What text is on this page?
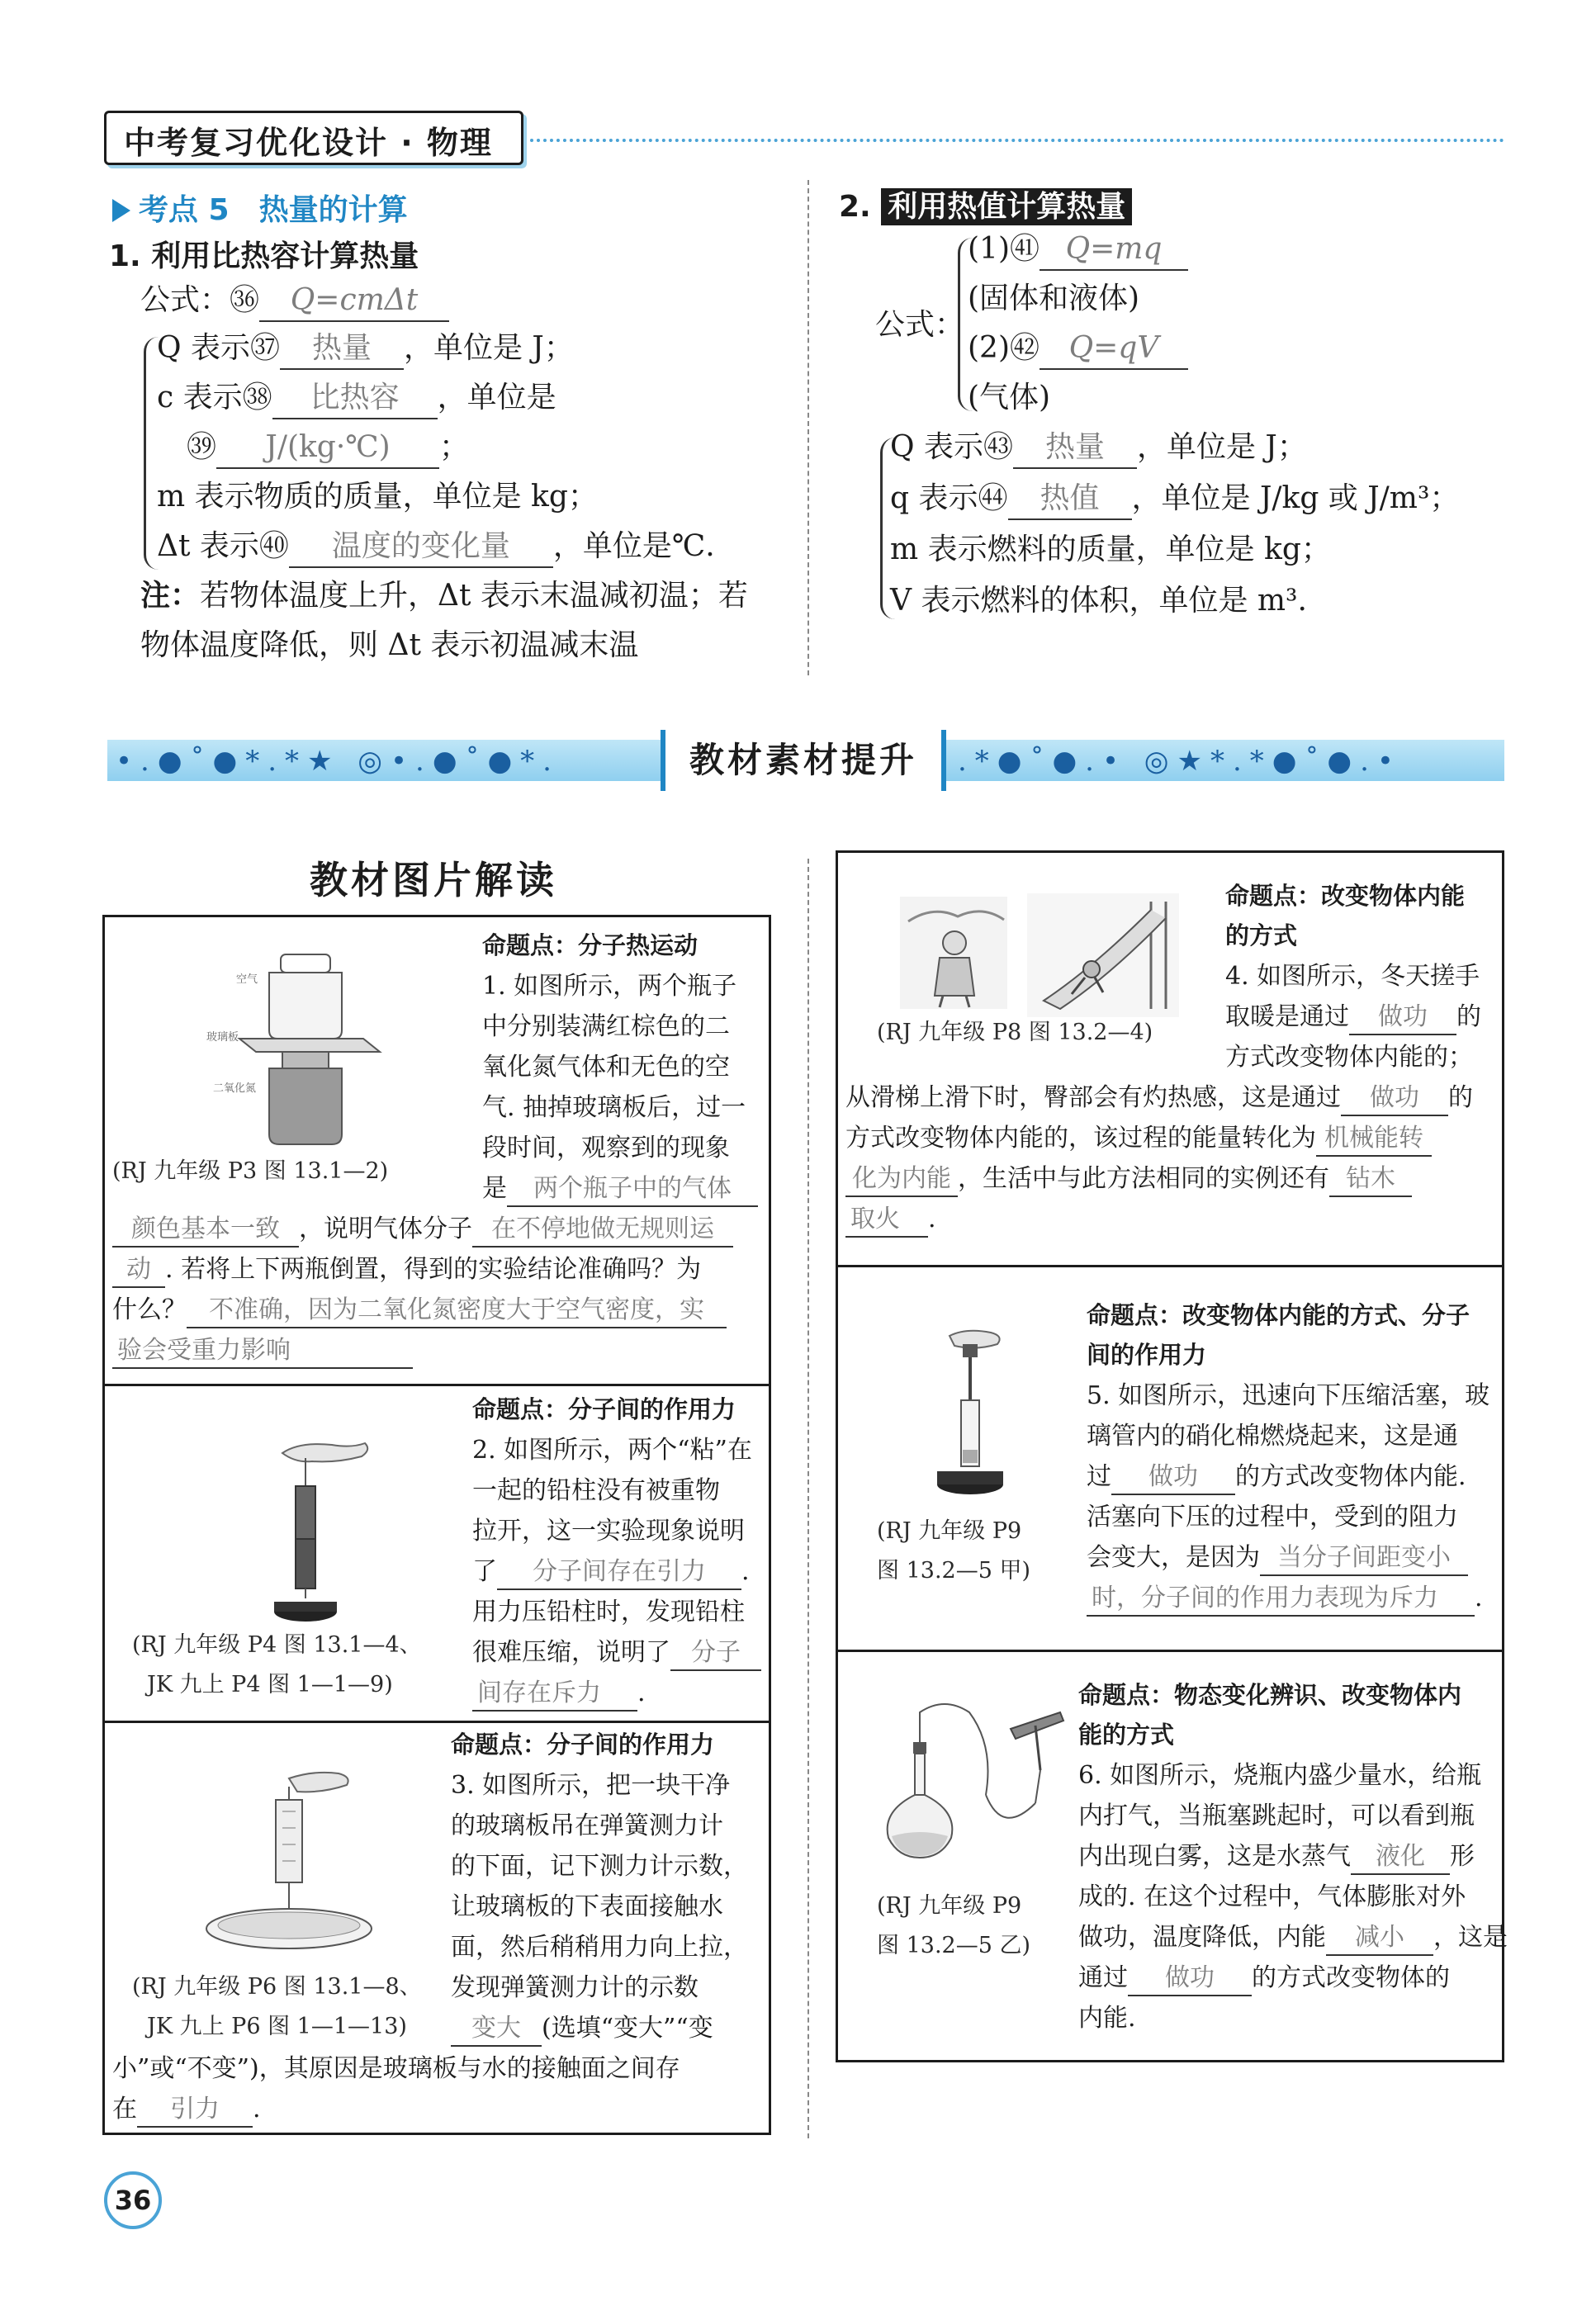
中考复习优化设计 · 物理
考点 5　热量的计算
1. 利用比热容计算热量
公式：㊱ Q=cmΔt
Q 表示㊲ 热量 ，单位是 J；
c 表示㊳ 比热容 ，单位是
㊴ J/(kg·℃) ；
m 表示物质的质量，单位是 kg；
Δt 表示㊵ 温度的变化量 ，单位是℃.
注：若物体温度上升，Δt 表示末温减初温；若
物体温度降低，则 Δt 表示初温减末温
2. 利用热值计算热量
公式：
(1)㊶ Q=mq
(固体和液体)
(2)㊷ Q=qV
(气体)
Q 表示㊸ 热量 ，单位是 J；
q 表示㊹ 热值 ，单位是 J/kg 或 J/m³；
m 表示燃料的质量，单位是 kg；
V 表示燃料的体积，单位是 m³.
•.●˚●*.*★ ◎•.●˚●*.	.*●˚●.• ◎★*.*●˚●.•
教材素材提升
教材图片解读
空气
玻璃板
二氧化氮
(RJ 九年级 P3 图 13.1—2)
命题点：分子热运动
1. 如图所示，两个瓶子
中分别装满红棕色的二
氧化氮气体和无色的空
气. 抽掉玻璃板后，过一
段时间，观察到的现象
是 两个瓶子中的气体
颜色基本一致 ，说明气体分子 在不停地做无规则运
动 . 若将上下两瓶倒置，得到的实验结论准确吗？为
什么？ 不准确，因为二氧化氮密度大于空气密度，实
验会受重力影响
(RJ 九年级 P4 图 13.1—4、
JK 九上 P4 图 1—1—9)
命题点：分子间的作用力
2. 如图所示，两个“粘”在
一起的铅柱没有被重物
拉开，这一实验现象说明
了 分子间存在引力 .
用力压铅柱时，发现铅柱
很难压缩，说明了 分子
间存在斥力 .
(RJ 九年级 P6 图 13.1—8、
JK 九上 P6 图 1—1—13)
命题点：分子间的作用力
3. 如图所示，把一块干净
的玻璃板吊在弹簧测力计
的下面，记下测力计示数，
让玻璃板的下表面接触水
面，然后稍稍用力向上拉，
发现弹簧测力计的示数
变大 (选填“变大”“变
小”或“不变”)，其原因是玻璃板与水的接触面之间存
在 引力 .
(RJ 九年级 P8 图 13.2—4)
命题点：改变物体内能
的方式
4. 如图所示，冬天搓手
取暖是通过 做功 的
方式改变物体内能的；
从滑梯上滑下时，臀部会有灼热感，这是通过 做功 的
方式改变物体内能的，该过程的能量转化为 机械能转
化为内能 ，生活中与此方法相同的实例还有 钻木
取火 .
(RJ 九年级 P9
图 13.2—5 甲)
命题点：改变物体内能的方式、分子
间的作用力
5. 如图所示，迅速向下压缩活塞，玻
璃管内的硝化棉燃烧起来，这是通
过 做功 的方式改变物体内能.
活塞向下压的过程中，受到的阻力
会变大，是因为 当分子间距变小
时，分子间的作用力表现为斥力 .
(RJ 九年级 P9
图 13.2—5 乙)
命题点：物态变化辨识、改变物体内
能的方式
6. 如图所示，烧瓶内盛少量水，给瓶
内打气，当瓶塞跳起时，可以看到瓶
内出现白雾，这是水蒸气 液化 形
成的. 在这个过程中，气体膨胀对外
做功，温度降低，内能 减小 ，这是
通过 做功 的方式改变物体的
内能.
36
